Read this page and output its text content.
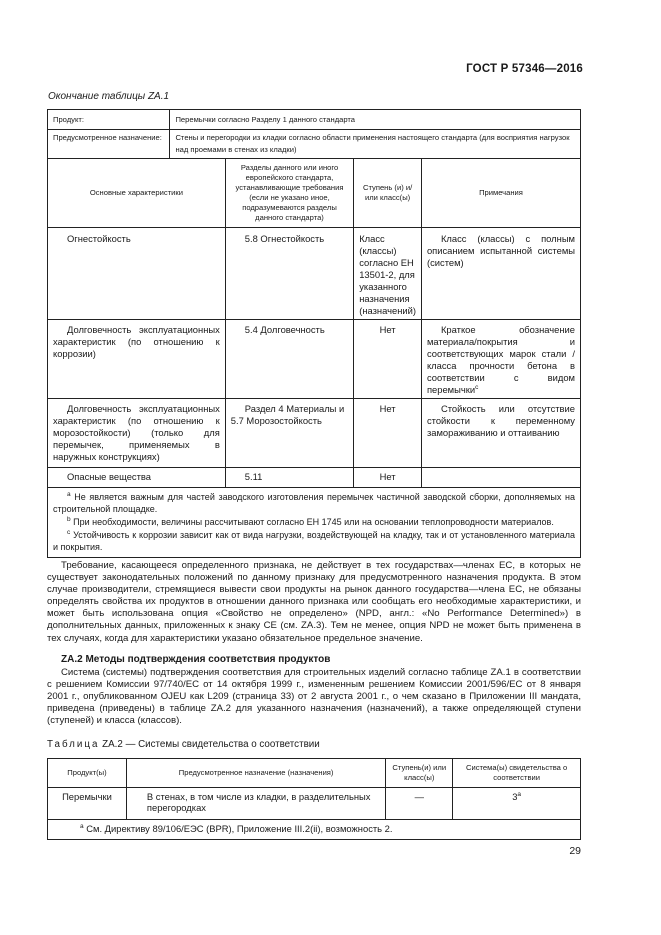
ГОСТ Р 57346—2016
Окончание таблицы ZA.1
Продукт:	Перемычки согласно Разделу 1 данного стандарта			
Предусмотренное назначение:	Стены и перегородки из кладки согласно области применения настоящего стандарта (для восприятия нагрузок над проемами в стенах из кладки)			
Основные характеристики		Разделы данного или иного европейского стандарта, устанавливающие требования (если не указано иное, подразумеваются разделы данного стандарта)	Ступень (и) и/или класс(ы)	Примечания
Огнестойкость		5.8 Огнестойкость	Класс (классы) согласно ЕН 13501-2, для указанного назначения (назначений)	Класс (классы) с полным описанием испытанной системы (систем)
Долговечность эксплуатационных характеристик (по отношению к коррозии)		5.4 Долговечность	Нет	Краткое обозначение материала/покрытия и соответствующих марок стали / класса прочности бетона в соответствии с видом перемычки$^c$
Долговечность эксплуатационных характеристик (по отношению к морозостойкости) (только для перемычек, применяемых в наружных конструкциях)		Раздел 4 Материалы и 5.7 Морозостойкость	Нет	Стойкость или отсутствие стойкости к переменному замораживанию и оттаиванию
Опасные вещества		5.11	Нет	

$^a$ Не является важным для частей заводского изготовления перемычек частичной заводской сборки, дополняемых на строительной площадке.

$^b$ При необходимости, величины рассчитывают согласно ЕН 1745 или на основании теплопроводности материалов.

$^c$ Устойчивость к коррозии зависит как от вида нагрузки, воздействующей на кладку, так и от установленного материала и покрытия.				

Требование, касающееся определенного признака, не действует в тех государствах—членах ЕС, в которых не существует законодательных положений по данному признаку для предусмотренного назначения продукта. В этом случае производители, стремящиеся вывести свои продукты на рынок данного государства—члена ЕС, не обязаны определять свойства их продуктов в отношении данного признака или сообщать его необходимые характеристики, и может быть использована опция «Свойство не определено» (NPD, англ.: «No Performance Determined») в дополнительных данных, приложенных к знаку СЕ (см. ZA.3). Тем не менее, опция NPD не может быть применена в тех случаях, когда для характеристики указано обязательное предельное значение.

ZA.2 Методы подтверждения соответствия продуктов

Система (системы) подтверждения соответствия для строительных изделий согласно таблице ZA.1 в соответствии с решением Комиссии 97/740/ЕС от 14 октября 1999 г., измененным решением Комиссии 2001/596/ЕС от 8 января 2001 г., опубликованном OJEU как L209 (страница 33) от 2 августа 2001 г., о чем сказано в Приложении III мандата, приведена (приведены) в таблице ZA.2 для указанного назначения (назначений), а также определяющей ступени (ступеней) и класса (классов).

Таблица ZA.2 — Системы свидетельства о соответствии
Продукт(ы)	Предусмотренное назначение (назначения)	Ступень(и) или класс(ы)	Система(ы) свидетельства о соответствии
Перемычки	В стенах, в том числе из кладки, в разделительных перегородках	—	3$^a$
$^a$ См. Директиву 89/106/ЕЭС (BPR), Приложение III.2(ii), возможность 2.			
29
